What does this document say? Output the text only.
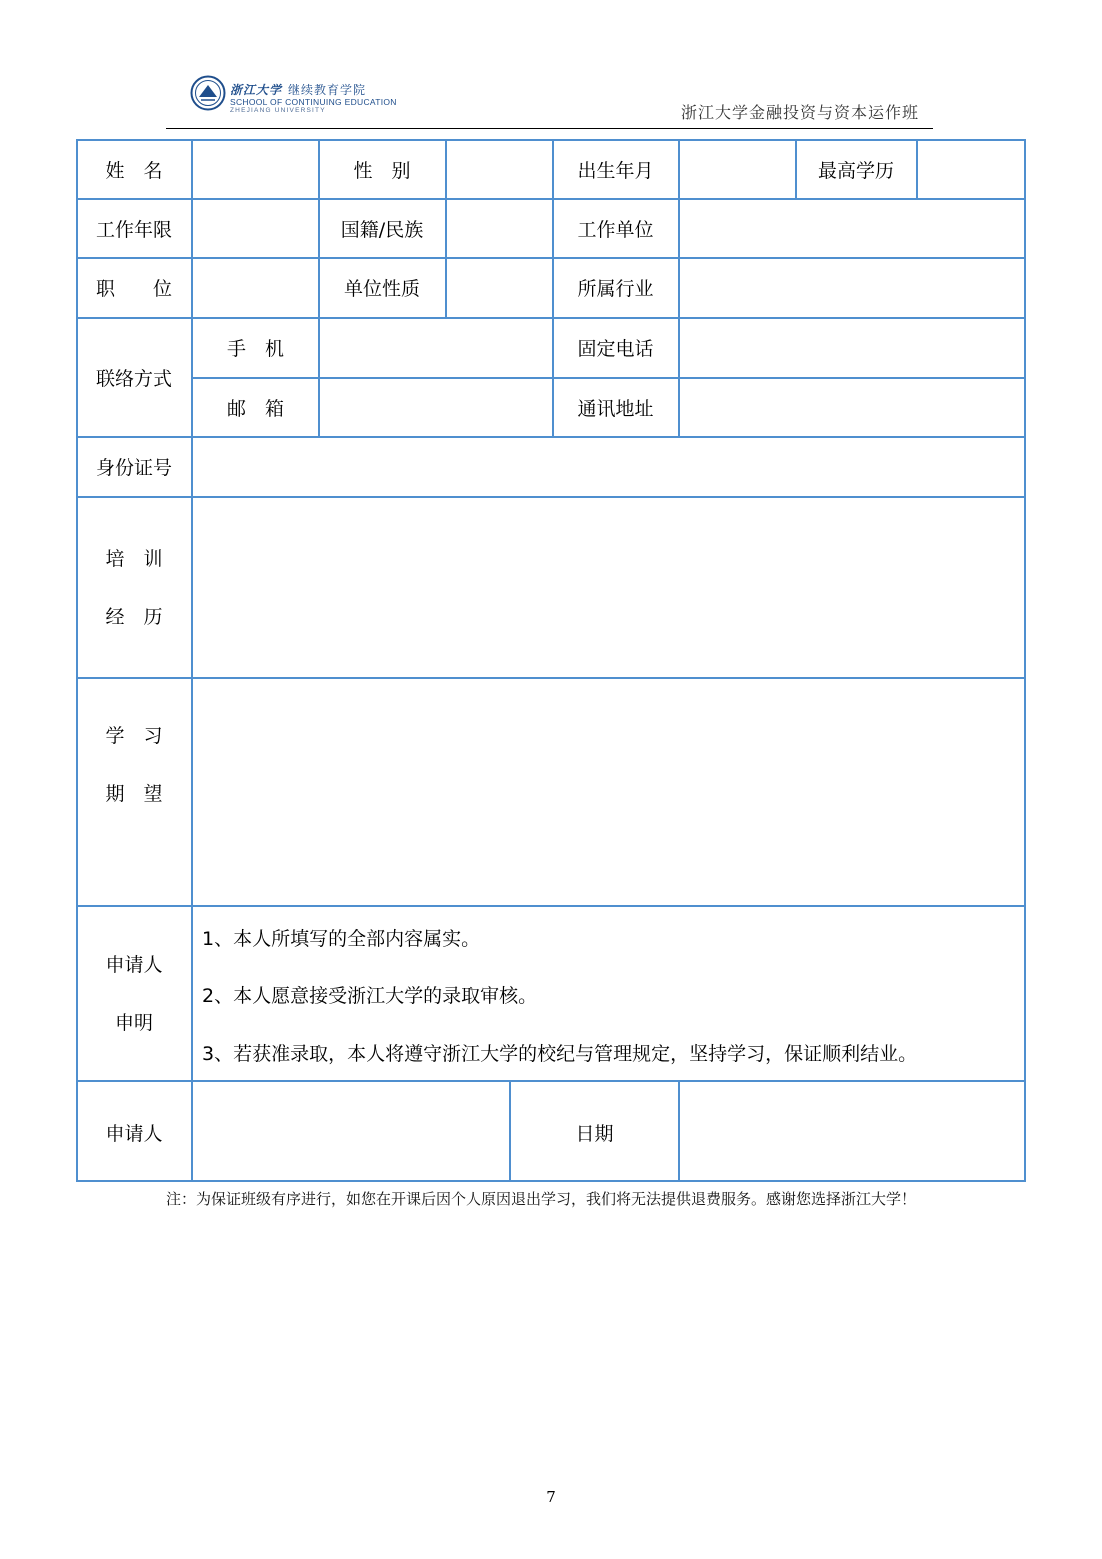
浙江大学 继续教育学院
SCHOOL OF CONTINUING EDUCATION
ZHEJIANG UNIVERSITY	浙江大学金融投资与资本运作班
姓　名	性　别	出生年月	最高学历
工作年限	国籍/民族	工作单位
职　　位	单位性质	所属行业
联络方式
手　机	固定电话
邮　箱	通讯地址
身份证号
培　训
经　历
学　习
期　望
申请人
申明
1、本人所填写的全部内容属实。
2、本人愿意接受浙江大学的录取审核。
3、若获准录取，本人将遵守浙江大学的校纪与管理规定，坚持学习，保证顺利结业。
申请人	日期
注：为保证班级有序进行，如您在开课后因个人原因退出学习，我们将无法提供退费服务。感谢您选择浙江大学！
7
